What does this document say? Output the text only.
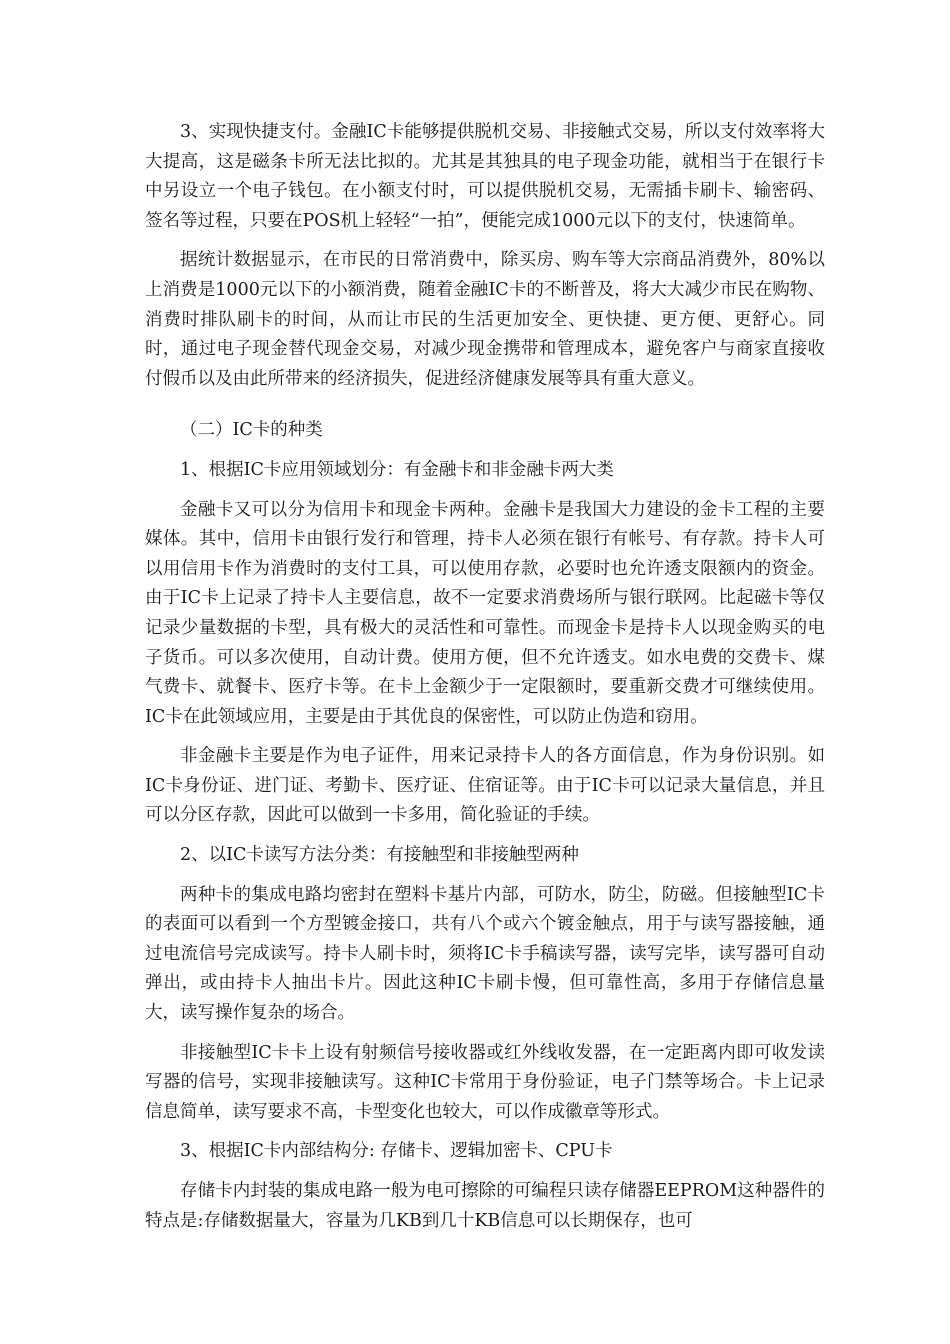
3、实现快捷支付。金融IC卡能够提供脱机交易、非接触式交易，所以支付效率将大大提高，这是磁条卡所无法比拟的。尤其是其独具的电子现金功能，就相当于在银行卡中另设立一个电子钱包。在小额支付时，可以提供脱机交易，无需插卡刷卡、输密码、签名等过程，只要在POS机上轻轻“一拍”，便能完成1000元以下的支付，快速简单。

据统计数据显示，在市民的日常消费中，除买房、购车等大宗商品消费外，80%以上消费是1000元以下的小额消费，随着金融IC卡的不断普及，将大大减少市民在购物、消费时排队刷卡的时间，从而让市民的生活更加安全、更快捷、更方便、更舒心。同时，通过电子现金替代现金交易，对减少现金携带和管理成本，避免客户与商家直接收付假币以及由此所带来的经济损失，促进经济健康发展等具有重大意义。

（二）IC卡的种类

1、根据IC卡应用领域划分：有金融卡和非金融卡两大类

金融卡又可以分为信用卡和现金卡两种。金融卡是我国大力建设的金卡工程的主要媒体。其中，信用卡由银行发行和管理，持卡人必须在银行有帐号、有存款。持卡人可以用信用卡作为消费时的支付工具，可以使用存款，必要时也允许透支限额内的资金。由于IC卡上记录了持卡人主要信息，故不一定要求消费场所与银行联网。比起磁卡等仅记录少量数据的卡型，具有极大的灵活性和可靠性。而现金卡是持卡人以现金购买的电子货币。可以多次使用，自动计费。使用方便，但不允许透支。如水电费的交费卡、煤气费卡、就餐卡、医疗卡等。在卡上金额少于一定限额时，要重新交费才可继续使用。IC卡在此领域应用，主要是由于其优良的保密性，可以防止伪造和窃用。

非金融卡主要是作为电子证件，用来记录持卡人的各方面信息，作为身份识别。如IC卡身份证、进门证、考勤卡、医疗证、住宿证等。由于IC卡可以记录大量信息，并且可以分区存款，因此可以做到一卡多用，简化验证的手续。

2、以IC卡读写方法分类：有接触型和非接触型两种

两种卡的集成电路均密封在塑料卡基片内部，可防水，防尘，防磁。但接触型IC卡的表面可以看到一个方型镀金接口，共有八个或六个镀金触点，用于与读写器接触，通过电流信号完成读写。持卡人刷卡时，须将IC卡手稿读写器，读写完毕，读写器可自动弹出，或由持卡人抽出卡片。因此这种IC卡刷卡慢，但可靠性高，多用于存储信息量大，读写操作复杂的场合。

非接触型IC卡卡上设有射频信号接收器或红外线收发器，在一定距离内即可收发读写器的信号，实现非接触读写。这种IC卡常用于身份验证，电子门禁等场合。卡上记录信息简单，读写要求不高，卡型变化也较大，可以作成徽章等形式。

3、根据IC卡内部结构分: 存储卡、逻辑加密卡、CPU卡

存储卡内封装的集成电路一般为电可擦除的可编程只读存储器EEPROM这种器件的特点是:存储数据量大，容量为几KB到几十KB信息可以长期保存，也可
